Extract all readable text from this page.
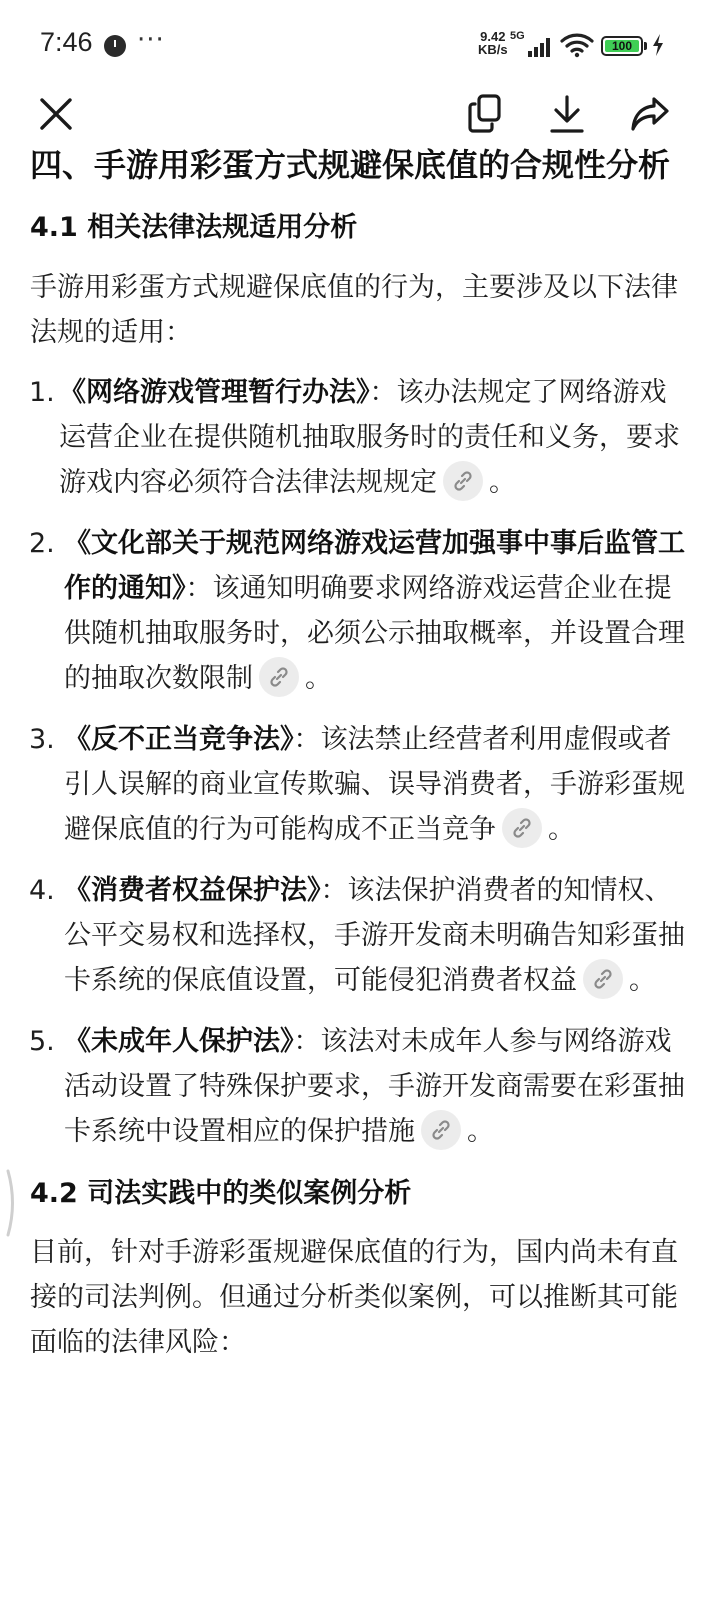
7:46 ···	9.42
KB/s
5G
100
四、手游用彩蛋方式规避保底值的合规性分析
4.1 相关法律法规适用分析

手游用彩蛋方式规避保底值的行为，主要涉及以下法律法规的适用：

1. 《网络游戏管理暂行办法》：该办法规定了网络游戏运营企业在提供随机抽取服务时的责任和义务，要求游戏内容必须符合法律法规规定 。
2. 《文化部关于规范网络游戏运营加强事中事后监管工作的通知》：该通知明确要求网络游戏运营企业在提供随机抽取服务时，必须公示抽取概率，并设置合理的抽取次数限制 。
3. 《反不正当竞争法》：该法禁止经营者利用虚假或者引人误解的商业宣传欺骗、误导消费者，手游彩蛋规避保底值的行为可能构成不正当竞争 。
4. 《消费者权益保护法》：该法保护消费者的知情权、公平交易权和选择权，手游开发商未明确告知彩蛋抽卡系统的保底值设置，可能侵犯消费者权益 。
5. 《未成年人保护法》：该法对未成年人参与网络游戏活动设置了特殊保护要求，手游开发商需要在彩蛋抽卡系统中设置相应的保护措施 。
4.2 司法实践中的类似案例分析

目前，针对手游彩蛋规避保底值的行为，国内尚未有直接的司法判例。但通过分析类似案例，可以推断其可能面临的法律风险：
